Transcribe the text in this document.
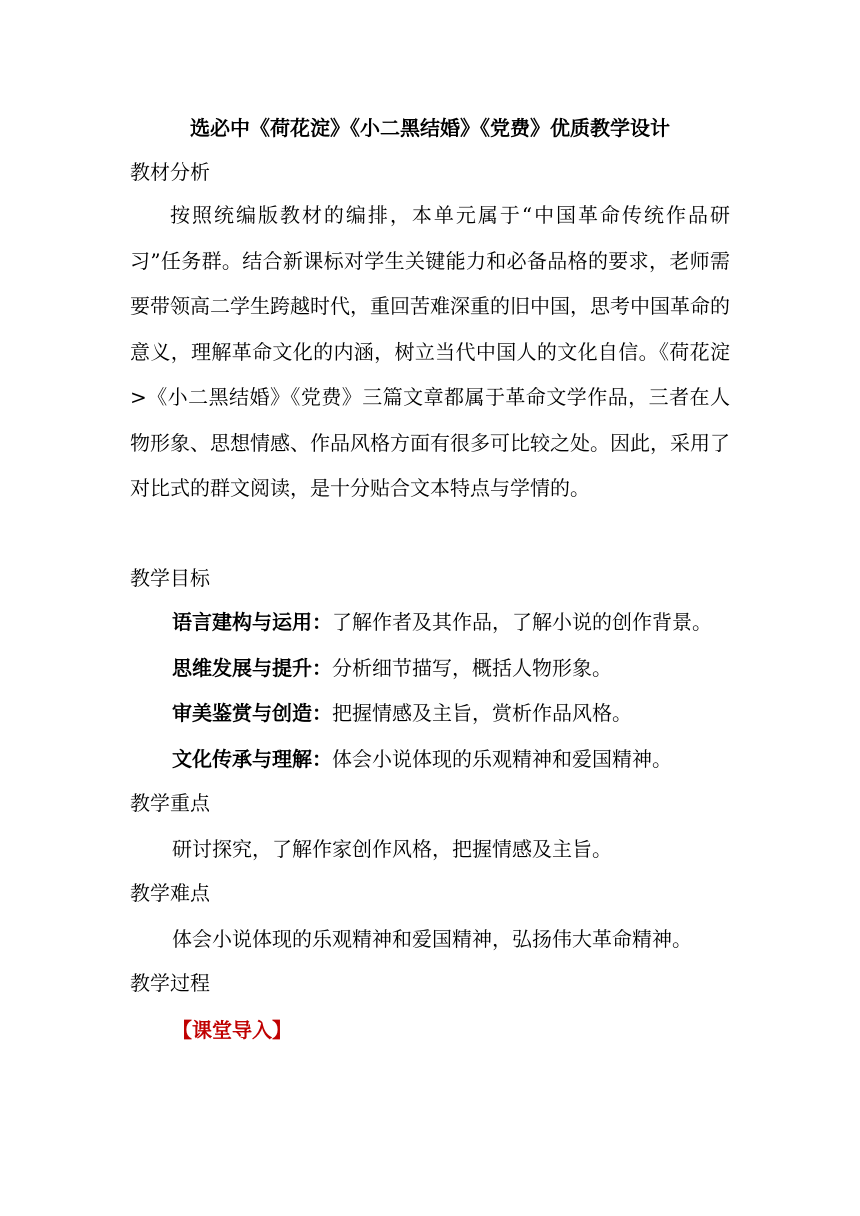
选必中《荷花淀》《小二黑结婚》《党费》优质教学设计
教材分析
按照统编版教材的编排，本单元属于“中国革命传统作品研习”任务群。结合新课标对学生关键能力和必备品格的要求，老师需要带领高二学生跨越时代，重回苦难深重的旧中国，思考中国革命的意义，理解革命文化的内涵，树立当代中国人的文化自信。《荷花淀>《小二黑结婚》《党费》三篇文章都属于革命文学作品，三者在人物形象、思想情感、作品风格方面有很多可比较之处。因此，采用了对比式的群文阅读，是十分贴合文本特点与学情的。
教学目标
语言建构与运用：了解作者及其作品，了解小说的创作背景。
思维发展与提升：分析细节描写，概括人物形象。
审美鉴赏与创造：把握情感及主旨，赏析作品风格。
文化传承与理解：体会小说体现的乐观精神和爱国精神。
教学重点
研讨探究，了解作家创作风格，把握情感及主旨。
教学难点
体会小说体现的乐观精神和爱国精神，弘扬伟大革命精神。
教学过程
【课堂导入】
